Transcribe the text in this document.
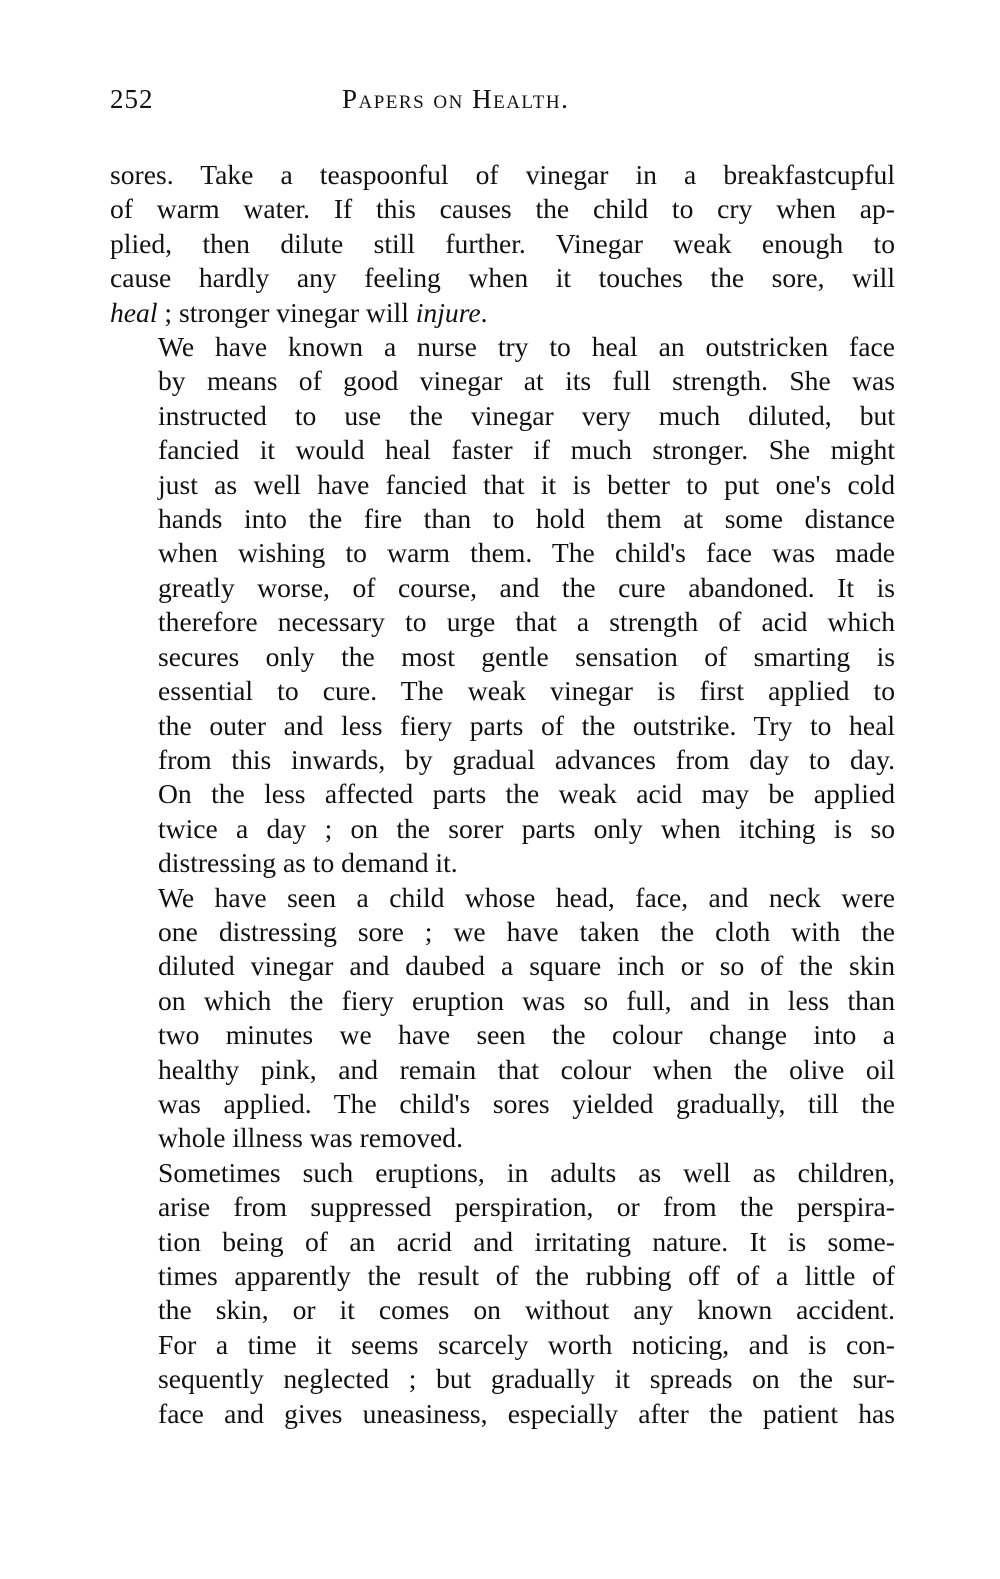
252	Papers on Health.

sores. Take a teaspoonful of vinegar in a breakfastcupful
of warm water. If this causes the child to cry when ap-
plied, then dilute still further. Vinegar weak enough to
cause hardly any feeling when it touches the sore, will
heal ; stronger vinegar will injure.

We have known a nurse try to heal an outstricken face
by means of good vinegar at its full strength. She was
instructed to use the vinegar very much diluted, but
fancied it would heal faster if much stronger. She might
just as well have fancied that it is better to put one's cold
hands into the fire than to hold them at some distance
when wishing to warm them. The child's face was made
greatly worse, of course, and the cure abandoned. It is
therefore necessary to urge that a strength of acid which
secures only the most gentle sensation of smarting is
essential to cure. The weak vinegar is first applied to
the outer and less fiery parts of the outstrike. Try to heal
from this inwards, by gradual advances from day to day.
On the less affected parts the weak acid may be applied
twice a day ; on the sorer parts only when itching is so
distressing as to demand it.

We have seen a child whose head, face, and neck were
one distressing sore ; we have taken the cloth with the
diluted vinegar and daubed a square inch or so of the skin
on which the fiery eruption was so full, and in less than
two minutes we have seen the colour change into a
healthy pink, and remain that colour when the olive oil
was applied. The child's sores yielded gradually, till the
whole illness was removed.

Sometimes such eruptions, in adults as well as children,
arise from suppressed perspiration, or from the perspira-
tion being of an acrid and irritating nature. It is some-
times apparently the result of the rubbing off of a little of
the skin, or it comes on without any known accident.
For a time it seems scarcely worth noticing, and is con-
sequently neglected ; but gradually it spreads on the sur-
face and gives uneasiness, especially after the patient has
